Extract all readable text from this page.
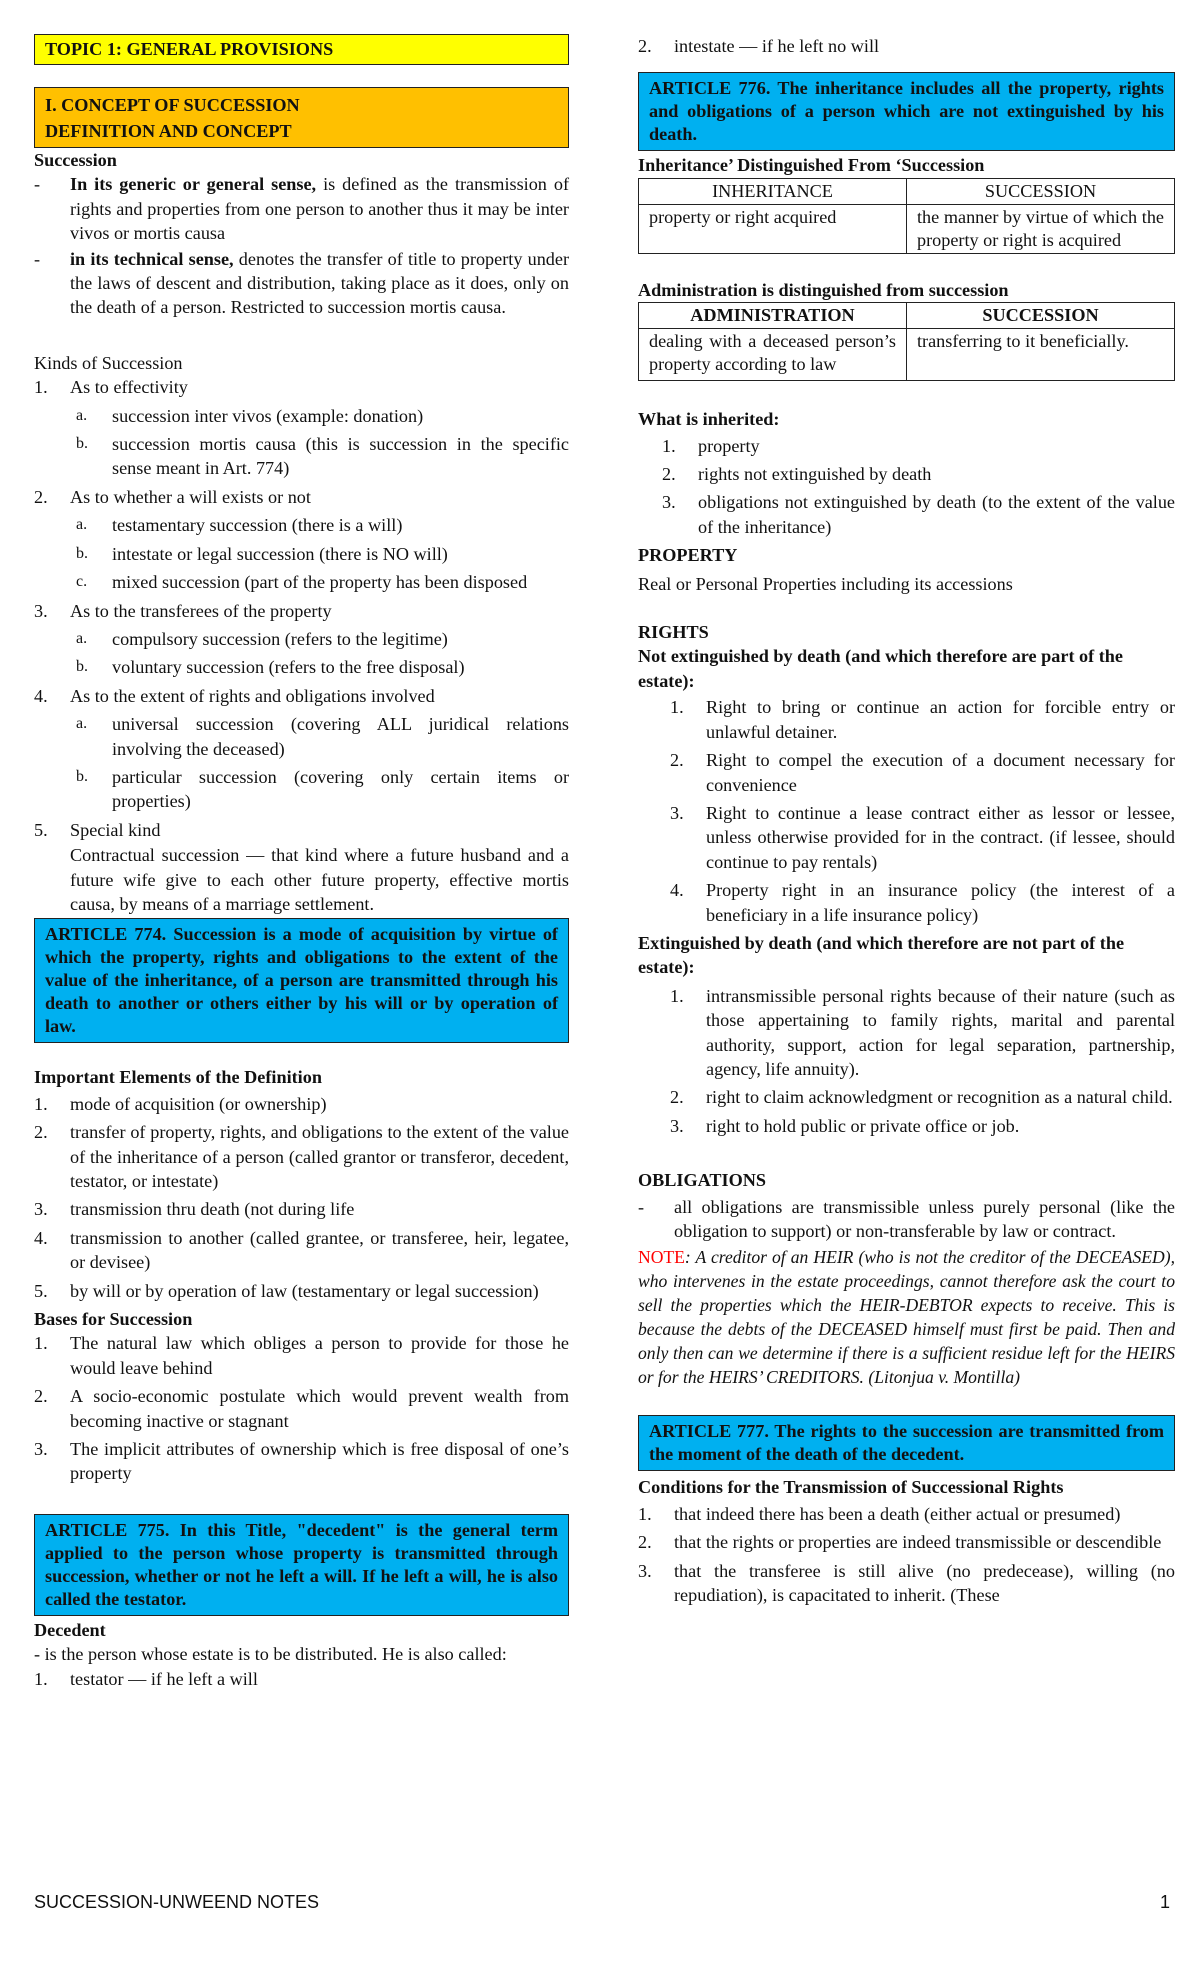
TOPIC 1: GENERAL PROVISIONS
I. CONCEPT OF SUCCESSION
DEFINITION AND CONCEPT
Succession
-	In its generic or general sense, is defined as the transmission of rights and properties from one person to another thus it may be inter vivos or mortis causa
-	in its technical sense, denotes the transfer of title to property under the laws of descent and distribution, taking place as it does, only on the death of a person. Restricted to succession mortis causa.
Kinds of Succession
1.	As to effectivity
a.	succession inter vivos (example: donation)
b.	succession mortis causa (this is succession in the specific sense meant in Art. 774)
2.	As to whether a will exists or not
a.	testamentary succession (there is a will)
b.	intestate or legal succession (there is NO will)
c.	mixed succession (part of the property has been disposed
3.	As to the transferees of the property
a.	compulsory succession (refers to the legitime)
b.	voluntary succession (refers to the free disposal)
4.	As to the extent of rights and obligations involved
a.	universal succession (covering ALL juridical relations involving the deceased)
b.	particular succession (covering only certain items or properties)
5.	Special kind
Contractual succession — that kind where a future husband and a future wife give to each other future property, effective mortis causa, by means of a marriage settlement.
ARTICLE 774. Succession is a mode of acquisition by virtue of which the property, rights and obligations to the extent of the value of the inheritance, of a person are transmitted through his death to another or others either by his will or by operation of law.
Important Elements of the Definition
1.	mode of acquisition (or ownership)
2.	transfer of property, rights, and obligations to the extent of the value of the inheritance of a person (called grantor or transferor, decedent, testator, or intestate)
3.	transmission thru death (not during life
4.	transmission to another (called grantee, or transferee, heir, legatee, or devisee)
5.	by will or by operation of law (testamentary or legal succession)
Bases for Succession
1.	The natural law which obliges a person to provide for those he would leave behind
2.	A socio-economic postulate which would prevent wealth from becoming inactive or stagnant
3.	The implicit attributes of ownership which is free disposal of one’s property
ARTICLE 775. In this Title, "decedent" is the general term applied to the person whose property is transmitted through succession, whether or not he left a will. If he left a will, he is also called the testator.
Decedent
- is the person whose estate is to be distributed. He is also called:
1.	testator — if he left a will
2.	intestate — if he left no will
ARTICLE 776. The inheritance includes all the property, rights and obligations of a person which are not extinguished by his death.
Inheritance’ Distinguished From ‘Succession
INHERITANCE	SUCCESSION
property or right acquired	the manner by virtue of which the property or right is acquired
Administration is distinguished from succession
ADMINISTRATION	SUCCESSION
dealing with a deceased person’s property according to law	transferring to it beneficially.
What is inherited:
1.	property
2.	rights not extinguished by death
3.	obligations not extinguished by death (to the extent of the value of the inheritance)
PROPERTY
Real or Personal Properties including its accessions
RIGHTS
Not extinguished by death (and which therefore are part of the estate):
1.	Right to bring or continue an action for forcible entry or unlawful detainer.
2.	Right to compel the execution of a document necessary for convenience
3.	Right to continue a lease contract either as lessor or lessee, unless otherwise provided for in the contract. (if lessee, should continue to pay rentals)
4.	Property right in an insurance policy (the interest of a beneficiary in a life insurance policy)
Extinguished by death (and which therefore are not part of the estate):
1.	intransmissible personal rights because of their nature (such as those appertaining to family rights, marital and parental authority, support, action for legal separation, partnership, agency, life annuity).
2.	right to claim acknowledgment or recognition as a natural child.
3.	right to hold public or private office or job.
OBLIGATIONS
-	all obligations are transmissible unless purely personal (like the obligation to support) or non-transferable by law or contract.
NOTE: A creditor of an HEIR (who is not the creditor of the DECEASED), who intervenes in the estate proceedings, cannot therefore ask the court to sell the properties which the HEIR-DEBTOR expects to receive. This is because the debts of the DECEASED himself must first be paid. Then and only then can we determine if there is a sufficient residue left for the HEIRS or for the HEIRS’ CREDITORS. (Litonjua v. Montilla)
ARTICLE 777. The rights to the succession are transmitted from the moment of the death of the decedent.
Conditions for the Transmission of Successional Rights
1.	that indeed there has been a death (either actual or presumed)
2.	that the rights or properties are indeed transmissible or descendible
3.	that the transferee is still alive (no predecease), willing (no repudiation), is capacitated to inherit. (These
SUCCESSION-UNWEEND NOTES	1
